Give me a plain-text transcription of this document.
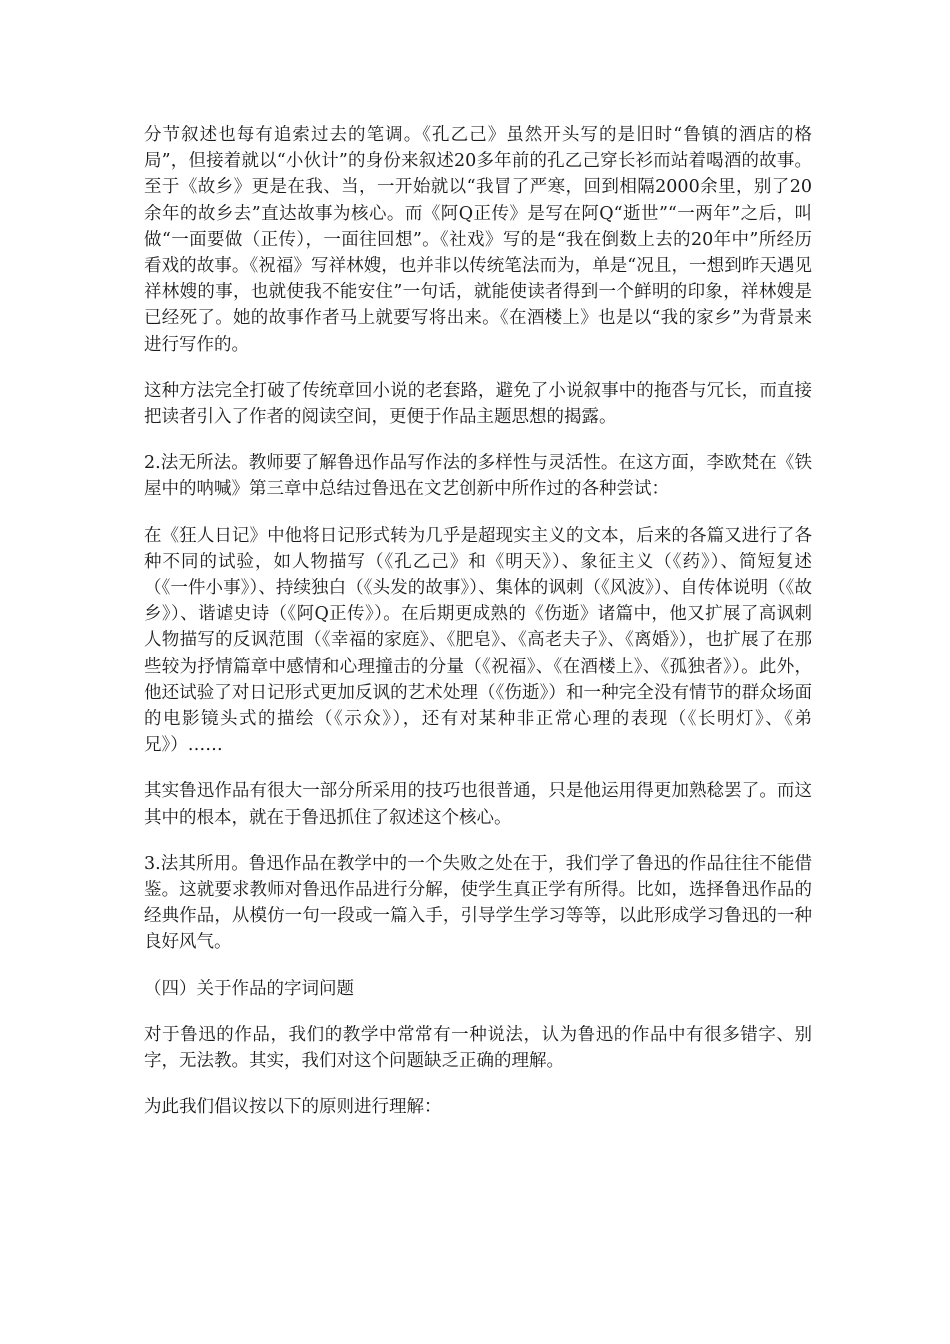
分节叙述也每有追索过去的笔调。《孔乙己》虽然开头写的是旧时“鲁镇的酒店的格局”，但接着就以“小伙计”的身份来叙述20多年前的孔乙己穿长衫而站着喝酒的故事。至于《故乡》更是在我、当，一开始就以“我冒了严寒，回到相隔2000余里，别了20余年的故乡去”直达故事为核心。而《阿Q正传》是写在阿Q“逝世”“一两年”之后，叫做“一面要做（正传），一面往回想”。《社戏》写的是“我在倒数上去的20年中”所经历看戏的故事。《祝福》写祥林嫂，也并非以传统笔法而为，单是“况且，一想到昨天遇见祥林嫂的事，也就使我不能安住”一句话，就能使读者得到一个鲜明的印象，祥林嫂是已经死了。她的故事作者马上就要写将出来。《在酒楼上》也是以“我的家乡”为背景来进行写作的。

这种方法完全打破了传统章回小说的老套路，避免了小说叙事中的拖沓与冗长，而直接把读者引入了作者的阅读空间，更便于作品主题思想的揭露。

2.法无所法。教师要了解鲁迅作品写作法的多样性与灵活性。在这方面，李欧梵在《铁屋中的呐喊》第三章中总结过鲁迅在文艺创新中所作过的各种尝试：

在《狂人日记》中他将日记形式转为几乎是超现实主义的文本，后来的各篇又进行了各种不同的试验，如人物描写（《孔乙己》和《明天》）、象征主义（《药》）、简短复述（《一件小事》）、持续独白（《头发的故事》）、集体的讽刺（《风波》）、自传体说明（《故乡》）、谐谑史诗（《阿Q正传》）。在后期更成熟的《伤逝》诸篇中，他又扩展了高讽刺人物描写的反讽范围（《幸福的家庭》、《肥皂》、《高老夫子》、《离婚》），也扩展了在那些较为抒情篇章中感情和心理撞击的分量（《祝福》、《在酒楼上》、《孤独者》）。此外，他还试验了对日记形式更加反讽的艺术处理（《伤逝》）和一种完全没有情节的群众场面的电影镜头式的描绘（《示众》），还有对某种非正常心理的表现（《长明灯》、《弟兄》）……

其实鲁迅作品有很大一部分所采用的技巧也很普通，只是他运用得更加熟稔罢了。而这其中的根本，就在于鲁迅抓住了叙述这个核心。

3.法其所用。鲁迅作品在教学中的一个失败之处在于，我们学了鲁迅的作品往往不能借鉴。这就要求教师对鲁迅作品进行分解，使学生真正学有所得。比如，选择鲁迅作品的经典作品，从模仿一句一段或一篇入手，引导学生学习等等，以此形成学习鲁迅的一种良好风气。

（四）关于作品的字词问题

对于鲁迅的作品，我们的教学中常常有一种说法，认为鲁迅的作品中有很多错字、别字，无法教。其实，我们对这个问题缺乏正确的理解。

为此我们倡议按以下的原则进行理解：
